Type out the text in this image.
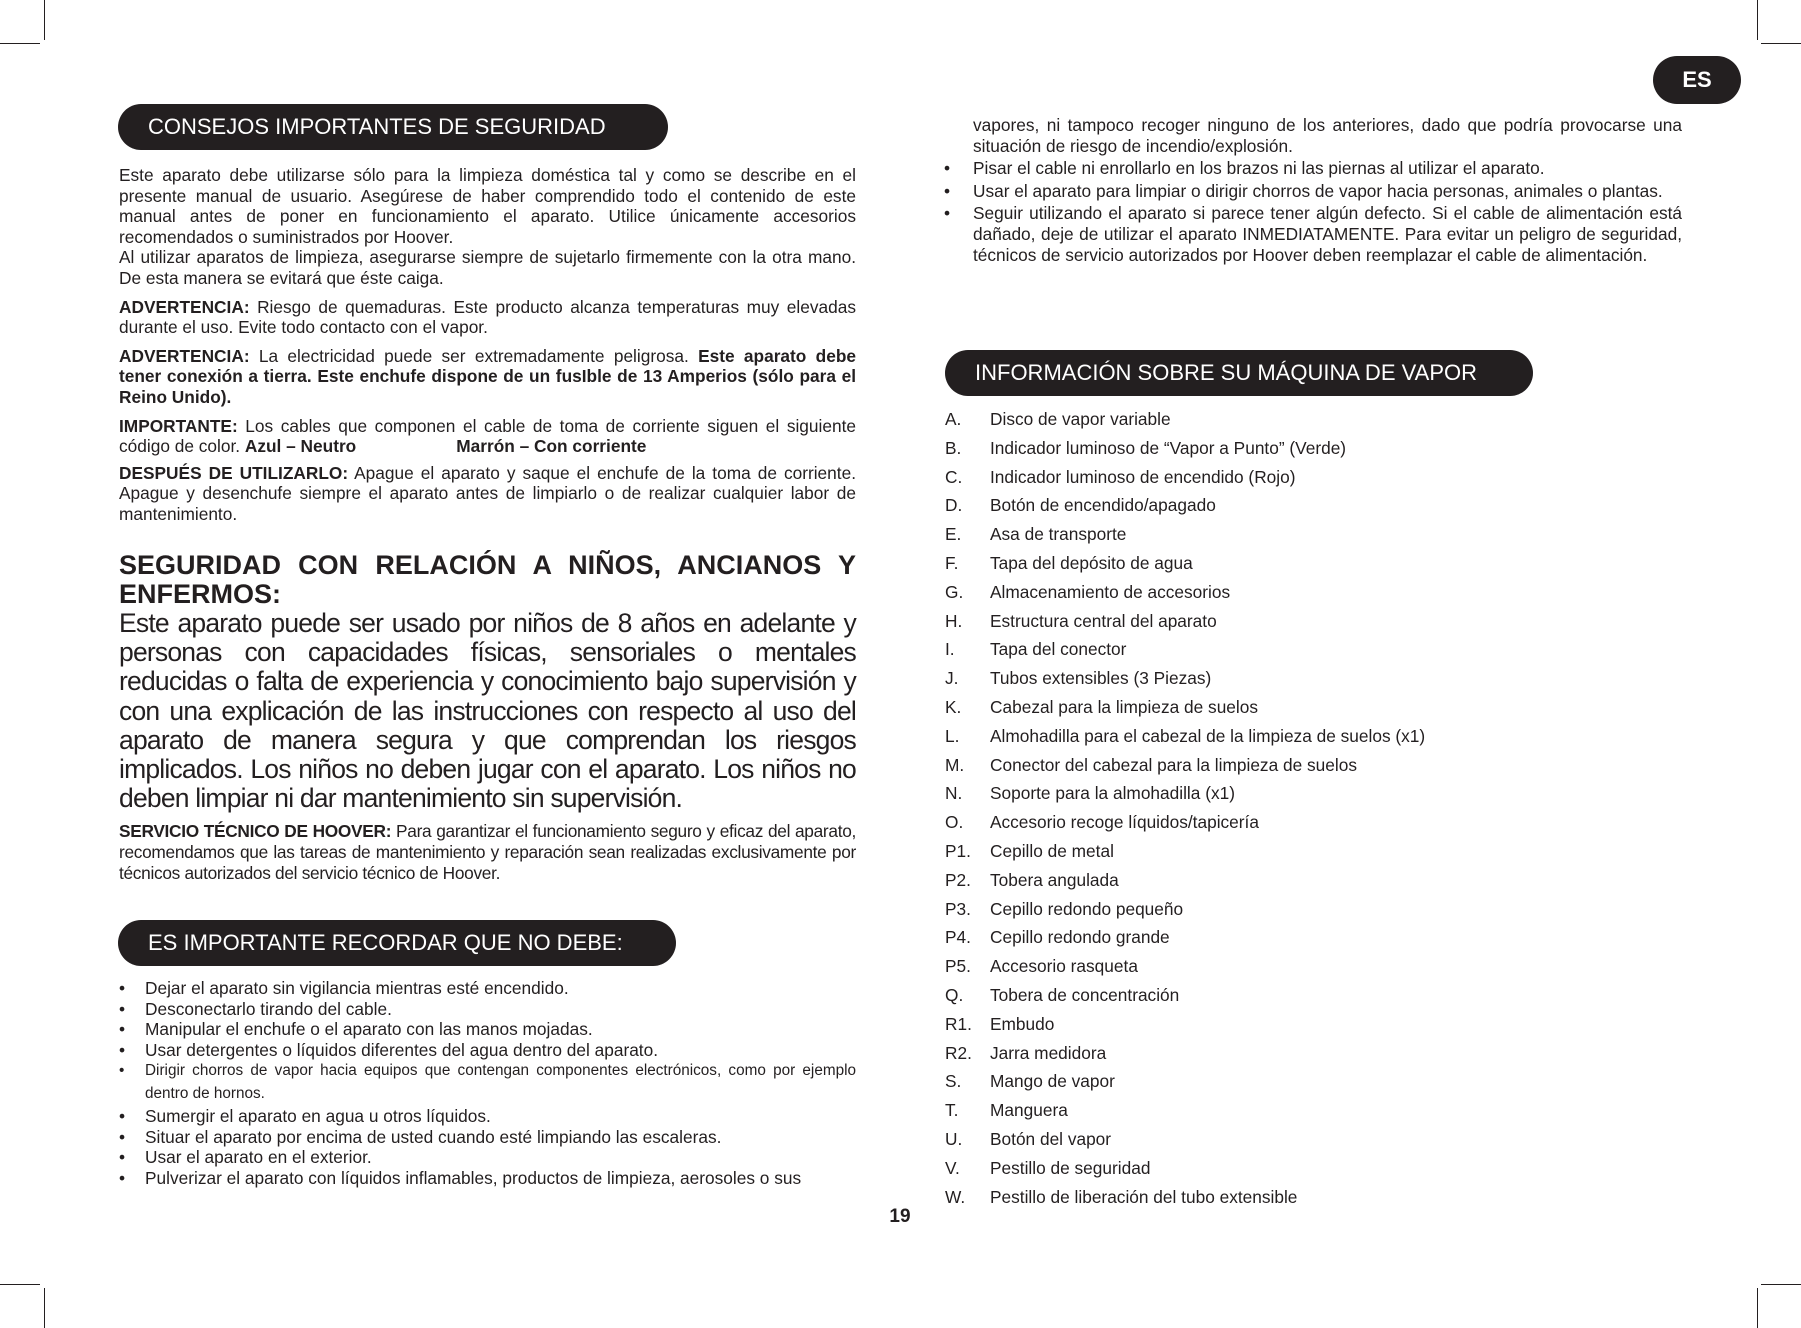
ES
CONSEJOS IMPORTANTES DE SEGURIDAD

Este aparato debe utilizarse sólo para la limpieza doméstica tal y como se describe en el presente manual de usuario. Asegúrese de haber comprendido todo el contenido de este manual antes de poner en funcionamiento el aparato. Utilice únicamente accesorios recomendados o suministrados por Hoover.

Al utilizar aparatos de limpieza, asegurarse siempre de sujetarlo firmemente con la otra mano. De esta manera se evitará que éste caiga.

ADVERTENCIA: Riesgo de quemaduras. Este producto alcanza temperaturas muy elevadas durante el uso. Evite todo contacto con el vapor.

ADVERTENCIA: La electricidad puede ser extremadamente peligrosa. Este aparato debe tener conexión a tierra. Este enchufe dispone de un fusIble de 13 Amperios (sólo para el Reino Unido).

IMPORTANTE: Los cables que componen el cable de toma de corriente siguen el siguiente código de color. Azul – Neutro	Marrón – Con corriente

DESPUÉS DE UTILIZARLO: Apague el aparato y saque el enchufe de la toma de corriente. Apague y desenchufe siempre el aparato antes de limpiarlo o de realizar cualquier labor de mantenimiento.

SEGURIDAD CON RELACIÓN A NIÑOS, ANCIANOS Y ENFERMOS:

Este aparato puede ser usado por niños de 8 años en adelante y personas con capacidades físicas, sensoriales o mentales reducidas o falta de experiencia y conocimiento bajo supervisión y con una explicación de las instrucciones con respecto al uso del aparato de manera segura y que comprendan los riesgos implicados. Los niños no deben jugar con el aparato. Los niños no deben limpiar ni dar mantenimiento sin supervisión.

SERVICIO TÉCNICO DE HOOVER: Para garantizar el funcionamiento seguro y eficaz del aparato, recomendamos que las tareas de mantenimiento y reparación sean realizadas exclusivamente por técnicos autorizados del servicio técnico de Hoover.

ES IMPORTANTE RECORDAR QUE NO DEBE:
• Dejar el aparato sin vigilancia mientras esté encendido.
• Desconectarlo tirando del cable.
• Manipular el enchufe o el aparato con las manos mojadas.
• Usar detergentes o líquidos diferentes del agua dentro del aparato.
• Dirigir chorros de vapor hacia equipos que contengan componentes electrónicos, como por ejemplo dentro de hornos.
• Sumergir el aparato en agua u otros líquidos.
• Situar el aparato por encima de usted cuando esté limpiando las escaleras.
• Usar el aparato en el exterior.
• Pulverizar el aparato con líquidos inflamables, productos de limpieza, aerosoles o sus

vapores, ni tampoco recoger ninguno de los anteriores, dado que podría provocarse una situación de riesgo de incendio/explosión.

• Pisar el cable ni enrollarlo en los brazos ni las piernas al utilizar el aparato.
• Usar el aparato para limpiar o dirigir chorros de vapor hacia personas, animales o plantas.
• Seguir utilizando el aparato si parece tener algún defecto. Si el cable de alimentación está dañado, deje de utilizar el aparato INMEDIATAMENTE. Para evitar un peligro de seguridad, técnicos de servicio autorizados por Hoover deben reemplazar el cable de alimentación.
INFORMACIÓN SOBRE SU MÁQUINA DE VAPOR
A. Disco de vapor variable
B. Indicador luminoso de “Vapor a Punto” (Verde)
C. Indicador luminoso de encendido (Rojo)
D. Botón de encendido/apagado
E. Asa de transporte
F. Tapa del depósito de agua
G. Almacenamiento de accesorios
H. Estructura central del aparato
I. Tapa del conector
J. Tubos extensibles (3 Piezas)
K. Cabezal para la limpieza de suelos
L. Almohadilla para el cabezal de la limpieza de suelos (x1)
M. Conector del cabezal para la limpieza de suelos
N. Soporte para la almohadilla (x1)
O. Accesorio recoge líquidos/tapicería
P1. Cepillo de metal
P2. Tobera angulada
P3. Cepillo redondo pequeño
P4. Cepillo redondo grande
P5. Accesorio rasqueta
Q. Tobera de concentración
R1. Embudo
R2. Jarra medidora
S. Mango de vapor
T. Manguera
U. Botón del vapor
V. Pestillo de seguridad
W. Pestillo de liberación del tubo extensible
19
